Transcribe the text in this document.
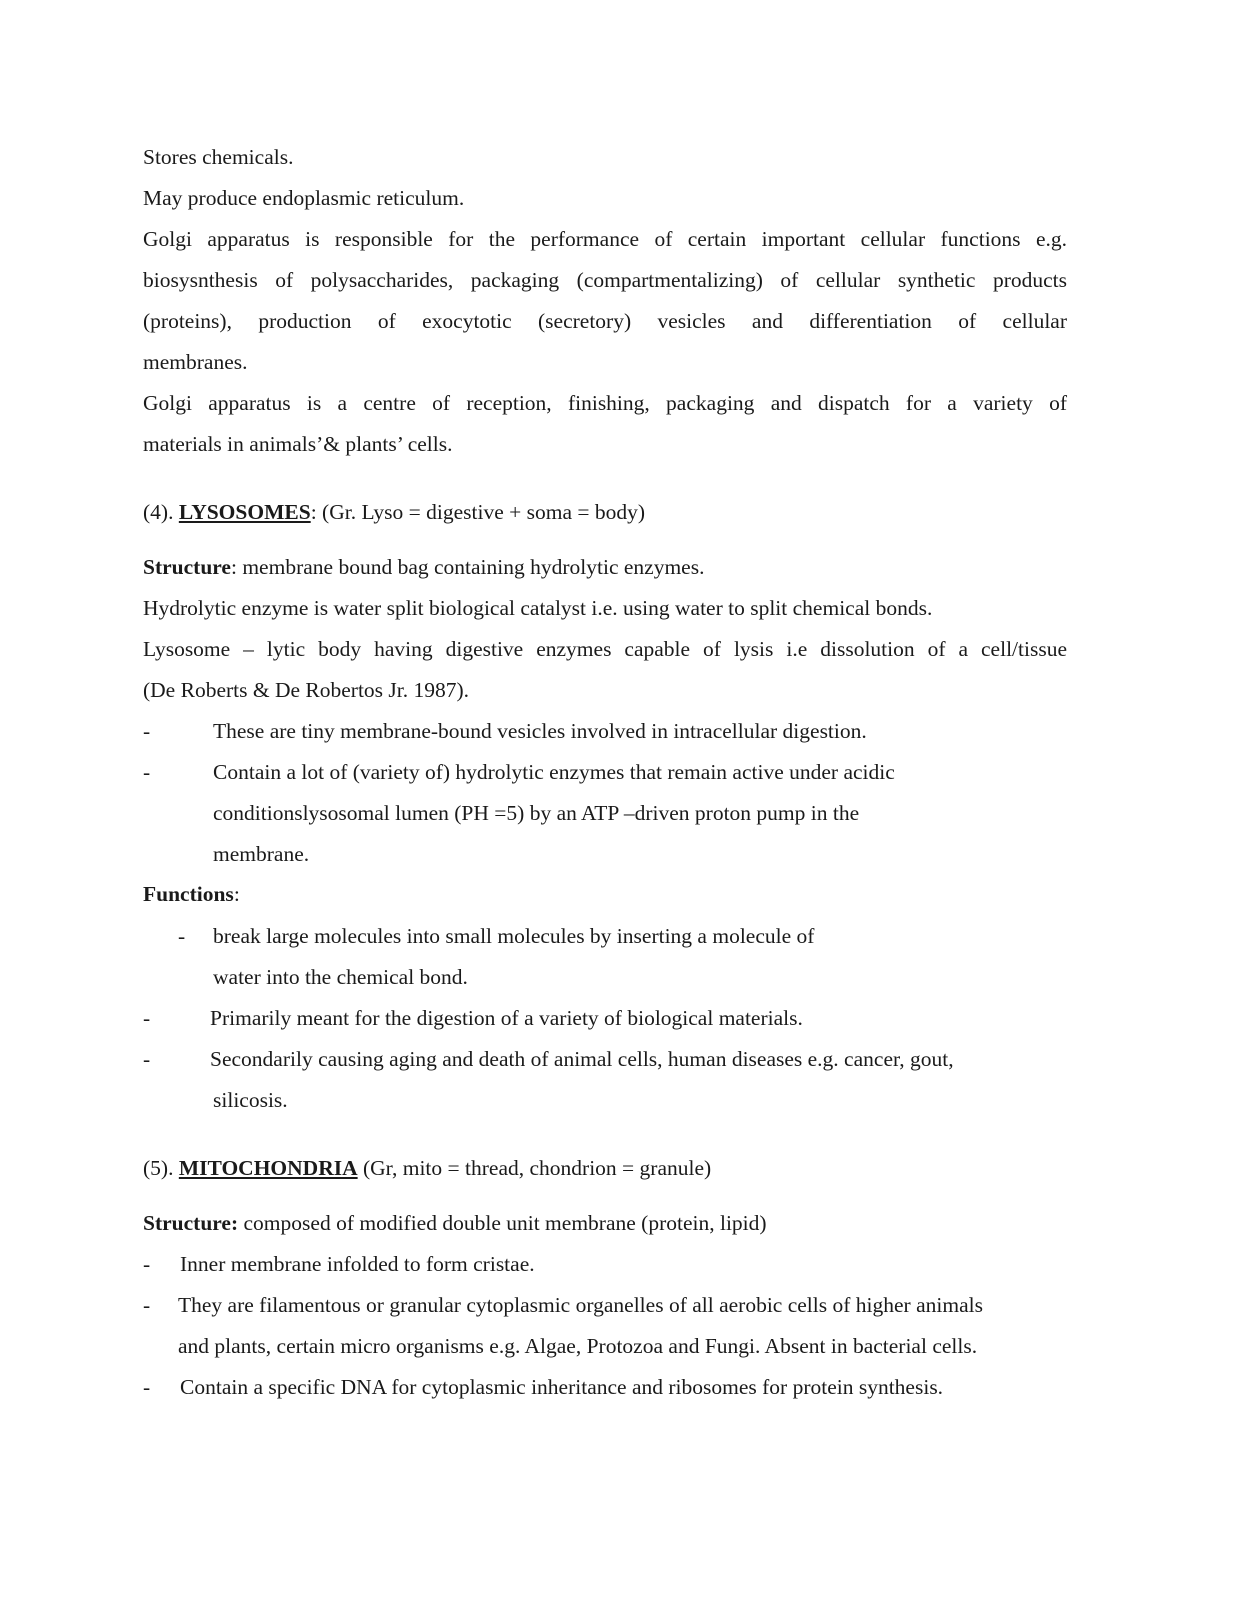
Stores chemicals.
May produce endoplasmic reticulum.
Golgi apparatus is responsible for the performance of certain important cellular functions e.g.
biosysnthesis of polysaccharides, packaging (compartmentalizing) of cellular synthetic products
(proteins), production of exocytotic (secretory) vesicles and differentiation of cellular
membranes.
Golgi apparatus is a centre of reception, finishing, packaging and dispatch for a variety of
materials in animals’& plants’ cells.
(4). LYSOSOMES: (Gr. Lyso = digestive + soma = body)
Structure: membrane bound bag containing hydrolytic enzymes.
Hydrolytic enzyme is water split biological catalyst i.e. using water to split chemical bonds.
Lysosome – lytic body having digestive enzymes capable of lysis i.e dissolution of a cell/tissue
(De Roberts & De Robertos Jr. 1987).
-	These are tiny membrane-bound vesicles involved in intracellular digestion.
-	Contain a lot of (variety of) hydrolytic enzymes that remain active under acidic
conditionslysosomal lumen (PH =5) by an ATP –driven proton pump in the
membrane.
Functions:
- break large molecules into small molecules by inserting a molecule of
water into the chemical bond.
-	Primarily meant for the digestion of a variety of biological materials.
-	Secondarily causing aging and death of animal cells, human diseases e.g. cancer, gout,
silicosis.
(5). MITOCHONDRIA (Gr, mito = thread, chondrion = granule)
Structure: composed of modified double unit membrane (protein, lipid)
- Inner membrane infolded to form cristae.
- They are filamentous or granular cytoplasmic organelles of all aerobic cells of higher animals
and plants, certain micro organisms e.g. Algae, Protozoa and Fungi. Absent in bacterial cells.
- Contain a specific DNA for cytoplasmic inheritance and ribosomes for protein synthesis.
